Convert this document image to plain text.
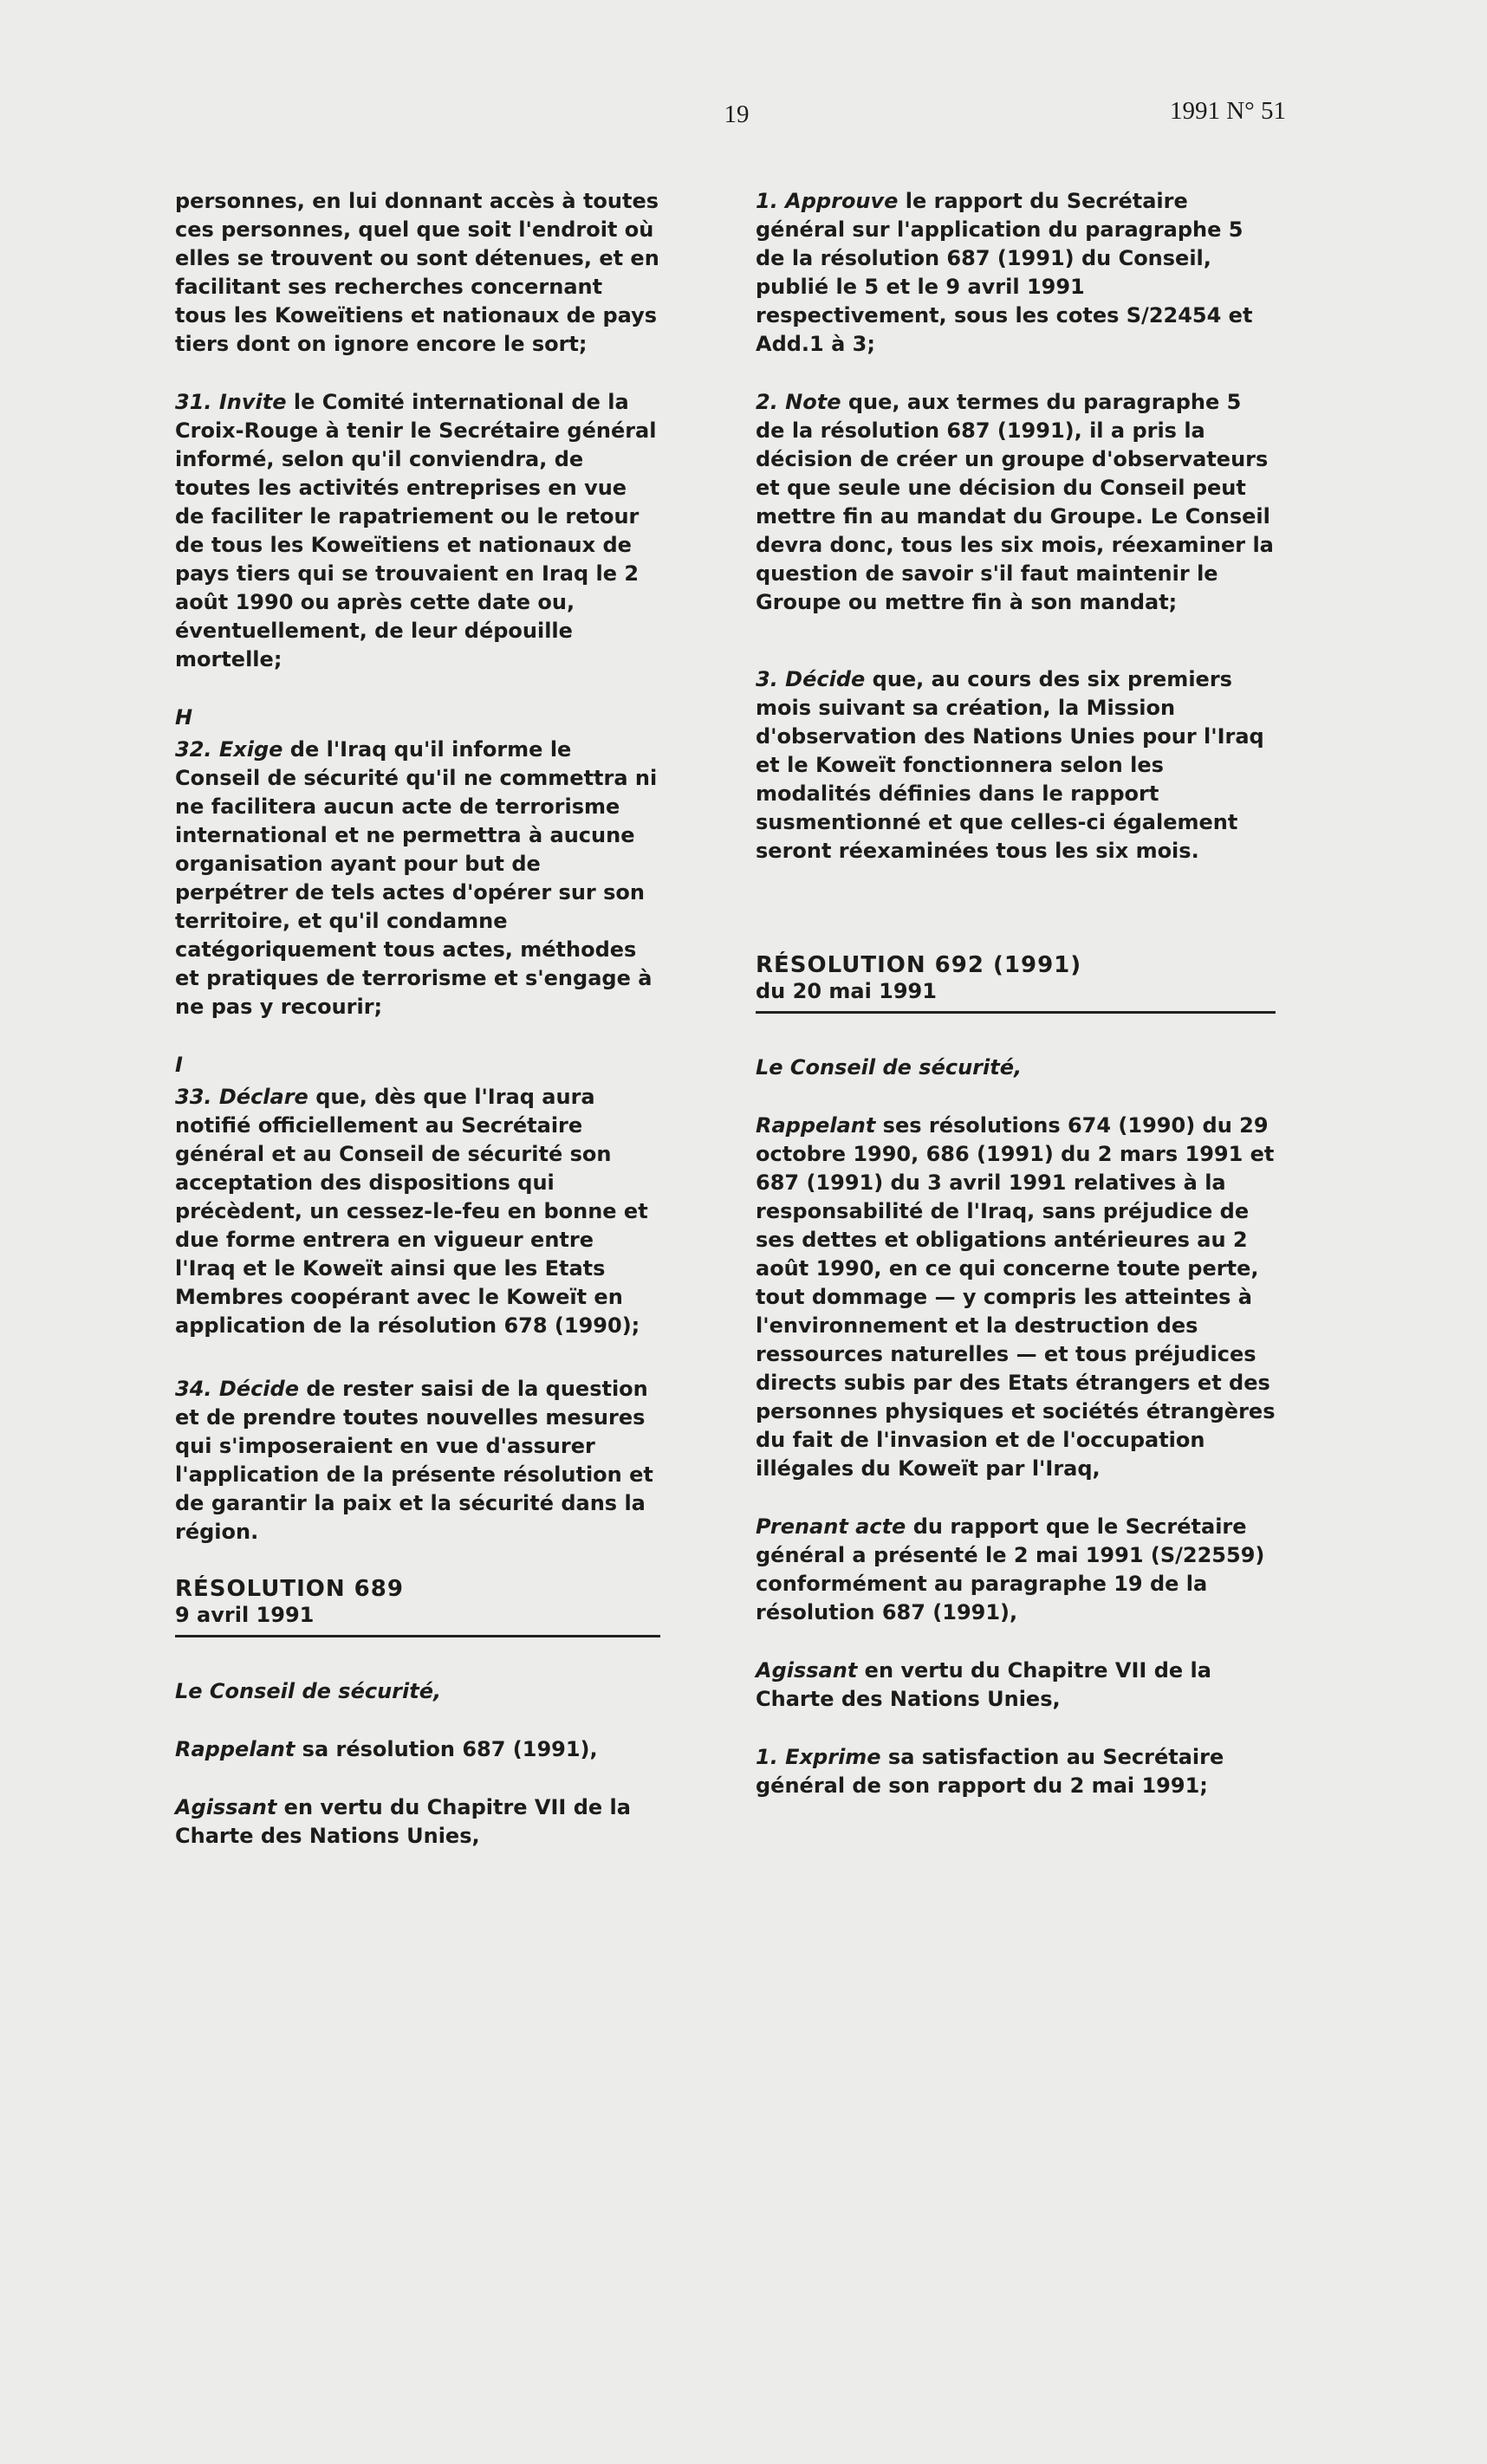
19	1991 N° 51

personnes, en lui donnant accès à toutes ces personnes, quel que soit l'endroit où elles se trouvent ou sont détenues, et en facilitant ses recherches concernant tous les Koweïtiens et nationaux de pays tiers dont on ignore encore le sort;

31. Invite le Comité international de la Croix-Rouge à tenir le Secrétaire général informé, selon qu'il conviendra, de toutes les activités entreprises en vue de faciliter le rapatriement ou le retour de tous les Koweïtiens et nationaux de pays tiers qui se trouvaient en Iraq le 2 août 1990 ou après cette date ou, éventuellement, de leur dépouille mortelle;

H

32. Exige de l'Iraq qu'il informe le Conseil de sécurité qu'il ne commettra ni ne facilitera aucun acte de terrorisme international et ne permettra à aucune organisation ayant pour but de perpétrer de tels actes d'opérer sur son territoire, et qu'il condamne catégoriquement tous actes, méthodes et pratiques de terrorisme et s'engage à ne pas y recourir;

I

33. Déclare que, dès que l'Iraq aura notifié officiellement au Secrétaire général et au Conseil de sécurité son acceptation des dispositions qui précèdent, un cessez-le-feu en bonne et due forme entrera en vigueur entre l'Iraq et le Koweït ainsi que les Etats Membres coopérant avec le Koweït en application de la résolution 678 (1990);

34. Décide de rester saisi de la question et de prendre toutes nouvelles mesures qui s'imposeraient en vue d'assurer l'application de la présente résolution et de garantir la paix et la sécurité dans la région.

RÉSOLUTION 689
9 avril 1991

Le Conseil de sécurité,

Rappelant sa résolution 687 (1991),

Agissant en vertu du Chapitre VII de la Charte des Nations Unies,

1. Approuve le rapport du Secrétaire général sur l'application du paragraphe 5 de la résolution 687 (1991) du Conseil, publié le 5 et le 9 avril 1991 respectivement, sous les cotes S/22454 et Add.1 à 3;

2. Note que, aux termes du paragraphe 5 de la résolution 687 (1991), il a pris la décision de créer un groupe d'observateurs et que seule une décision du Conseil peut mettre fin au mandat du Groupe. Le Conseil devra donc, tous les six mois, réexaminer la question de savoir s'il faut maintenir le Groupe ou mettre fin à son mandat;

3. Décide que, au cours des six premiers mois suivant sa création, la Mission d'observation des Nations Unies pour l'Iraq et le Koweït fonctionnera selon les modalités définies dans le rapport susmentionné et que celles-ci également seront réexaminées tous les six mois.

RÉSOLUTION 692 (1991)
du 20 mai 1991

Le Conseil de sécurité,

Rappelant ses résolutions 674 (1990) du 29 octobre 1990, 686 (1991) du 2 mars 1991 et 687 (1991) du 3 avril 1991 relatives à la responsabilité de l'Iraq, sans préjudice de ses dettes et obligations antérieures au 2 août 1990, en ce qui concerne toute perte, tout dommage — y compris les atteintes à l'environnement et la destruction des ressources naturelles — et tous préjudices directs subis par des Etats étrangers et des personnes physiques et sociétés étrangères du fait de l'invasion et de l'occupation illégales du Koweït par l'Iraq,

Prenant acte du rapport que le Secrétaire général a présenté le 2 mai 1991 (S/22559) conformément au paragraphe 19 de la résolution 687 (1991),

Agissant en vertu du Chapitre VII de la Charte des Nations Unies,

1. Exprime sa satisfaction au Secrétaire général de son rapport du 2 mai 1991;
